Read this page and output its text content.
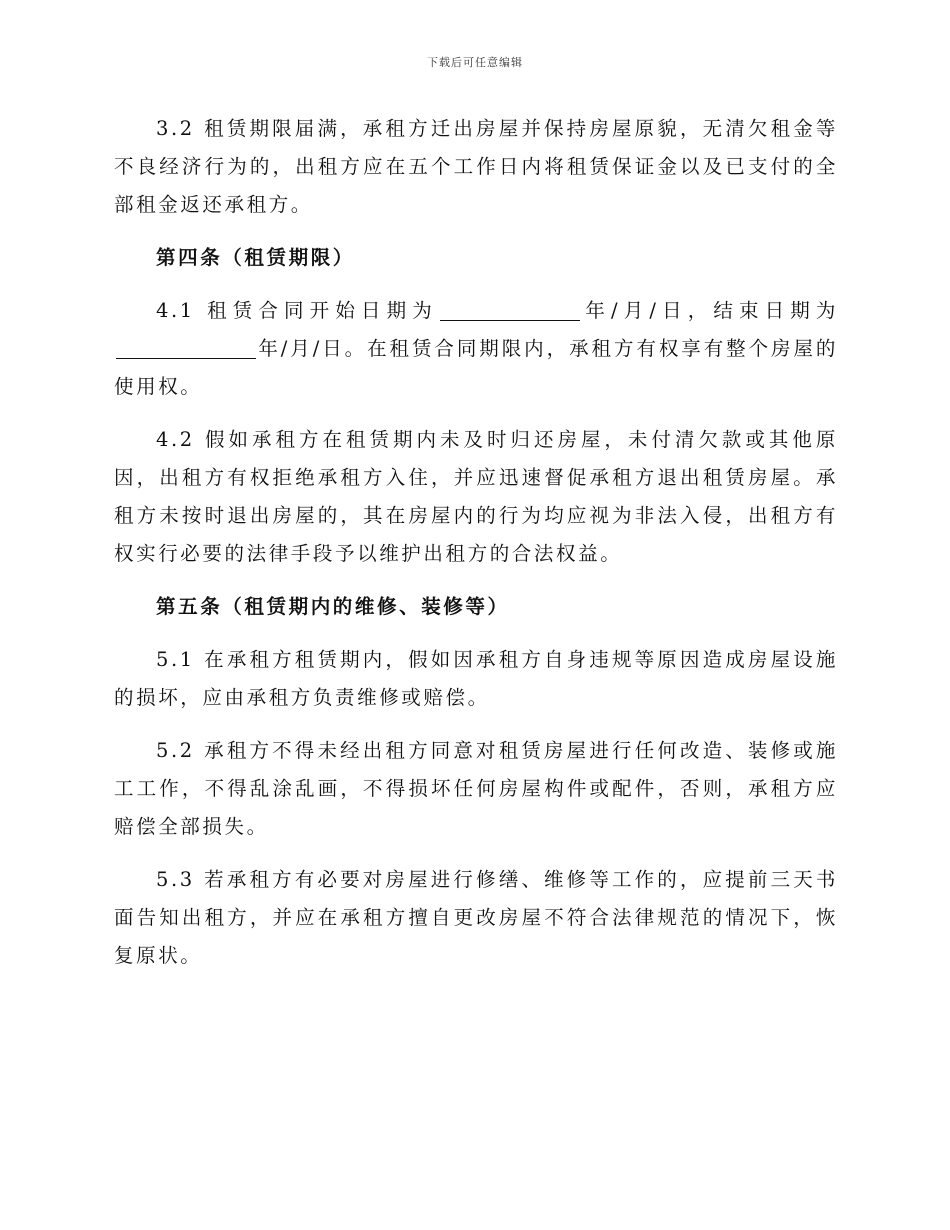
下载后可任意编辑

3.2 租赁期限届满，承租方迁出房屋并保持房屋原貌，无清欠租金等不良经济行为的，出租方应在五个工作日内将租赁保证金以及已支付的全部租金返还承租方。

第四条（租赁期限）

4.1 租赁合同开始日期为	年/月/日，结束日期为年/月/日。在租赁合同期限内，承租方有权享有整个房屋的使用权。

4.2 假如承租方在租赁期内未及时归还房屋，未付清欠款或其他原因，出租方有权拒绝承租方入住，并应迅速督促承租方退出租赁房屋。承租方未按时退出房屋的，其在房屋内的行为均应视为非法入侵，出租方有权实行必要的法律手段予以维护出租方的合法权益。

第五条（租赁期内的维修、装修等）

5.1 在承租方租赁期内，假如因承租方自身违规等原因造成房屋设施的损坏，应由承租方负责维修或赔偿。

5.2 承租方不得未经出租方同意对租赁房屋进行任何改造、装修或施工工作，不得乱涂乱画，不得损坏任何房屋构件或配件，否则，承租方应赔偿全部损失。

5.3 若承租方有必要对房屋进行修缮、维修等工作的，应提前三天书面告知出租方，并应在承租方擅自更改房屋不符合法律规范的情况下，恢复原状。
